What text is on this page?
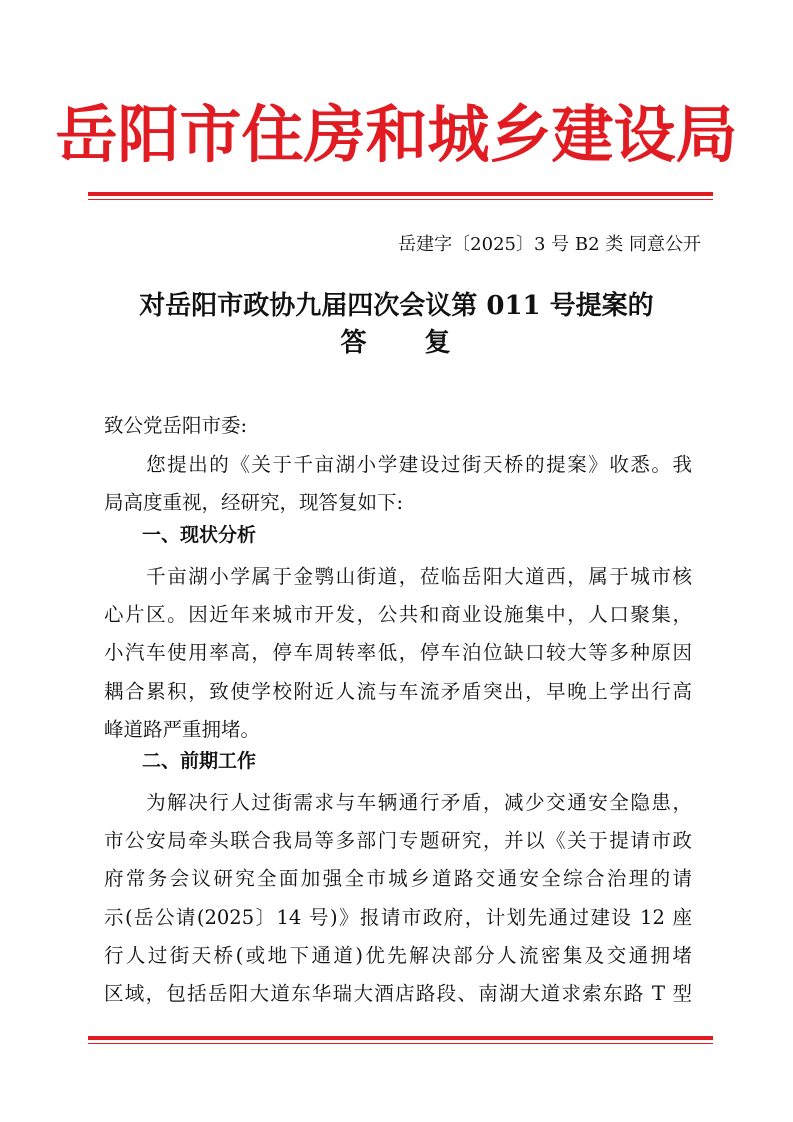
岳阳市住房和城乡建设局
岳建字〔2025〕3 号 B2 类 同意公开
对岳阳市政协九届四次会议第 011 号提案的
答　　复
致公党岳阳市委:
　　您提出的《关于千亩湖小学建设过街天桥的提案》收悉。我
局高度重视，经研究，现答复如下:
一、现状分析
　　千亩湖小学属于金鹗山街道，莅临岳阳大道西，属于城市核
心片区。因近年来城市开发，公共和商业设施集中，人口聚集，
小汽车使用率高，停车周转率低，停车泊位缺口较大等多种原因
耦合累积，致使学校附近人流与车流矛盾突出，早晚上学出行高
峰道路严重拥堵。
二、前期工作
　　为解决行人过街需求与车辆通行矛盾，减少交通安全隐患，
市公安局牵头联合我局等多部门专题研究，并以《关于提请市政
府常务会议研究全面加强全市城乡道路交通安全综合治理的请
示(岳公请(2025〕14 号)》报请市政府，计划先通过建设 12 座
行人过街天桥(或地下通道)优先解决部分人流密集及交通拥堵
区域，包括岳阳大道东华瑞大酒店路段、南湖大道求索东路 T 型
